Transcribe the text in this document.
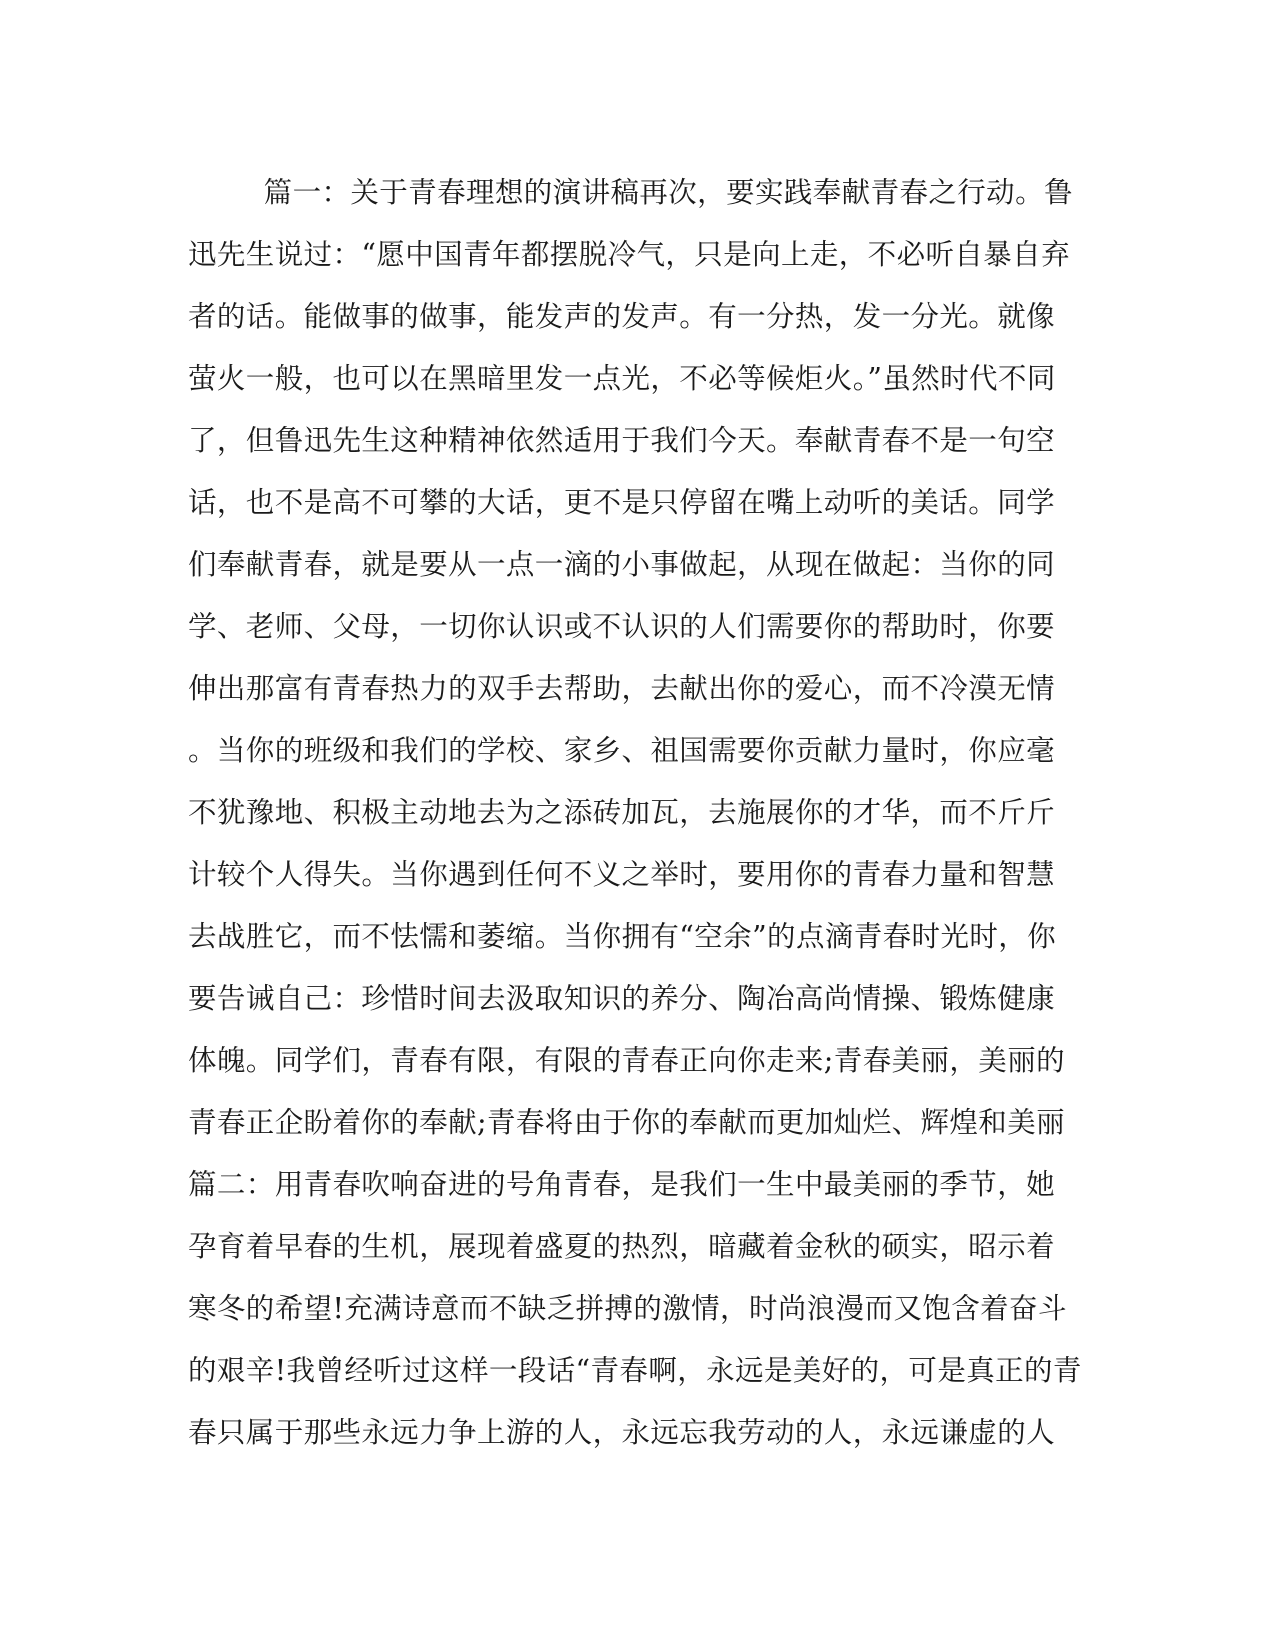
篇一：关于青春理想的演讲稿再次，要实践奉献青春之行动。鲁
迅先生说过：“愿中国青年都摆脱冷气，只是向上走，不必听自暴自弃
者的话。能做事的做事，能发声的发声。有一分热，发一分光。就像
萤火一般，也可以在黑暗里发一点光，不必等候炬火。”虽然时代不同
了，但鲁迅先生这种精神依然适用于我们今天。奉献青春不是一句空
话，也不是高不可攀的大话，更不是只停留在嘴上动听的美话。同学
们奉献青春，就是要从一点一滴的小事做起，从现在做起：当你的同
学、老师、父母，一切你认识或不认识的人们需要你的帮助时，你要
伸出那富有青春热力的双手去帮助，去献出你的爱心，而不冷漠无情
。当你的班级和我们的学校、家乡、祖国需要你贡献力量时，你应毫
不犹豫地、积极主动地去为之添砖加瓦，去施展你的才华，而不斤斤
计较个人得失。当你遇到任何不义之举时，要用你的青春力量和智慧
去战胜它，而不怯懦和萎缩。当你拥有“空余”的点滴青春时光时，你
要告诫自己：珍惜时间去汲取知识的养分、陶冶高尚情操、锻炼健康
体魄。同学们，青春有限，有限的青春正向你走来;青春美丽，美丽的
青春正企盼着你的奉献;青春将由于你的奉献而更加灿烂、辉煌和美丽
篇二：用青春吹响奋进的号角青春，是我们一生中最美丽的季节，她
孕育着早春的生机，展现着盛夏的热烈，暗藏着金秋的硕实，昭示着
寒冬的希望!充满诗意而不缺乏拼搏的激情，时尚浪漫而又饱含着奋斗
的艰辛!我曾经听过这样一段话“青春啊，永远是美好的，可是真正的青
春只属于那些永远力争上游的人，永远忘我劳动的人，永远谦虚的人
